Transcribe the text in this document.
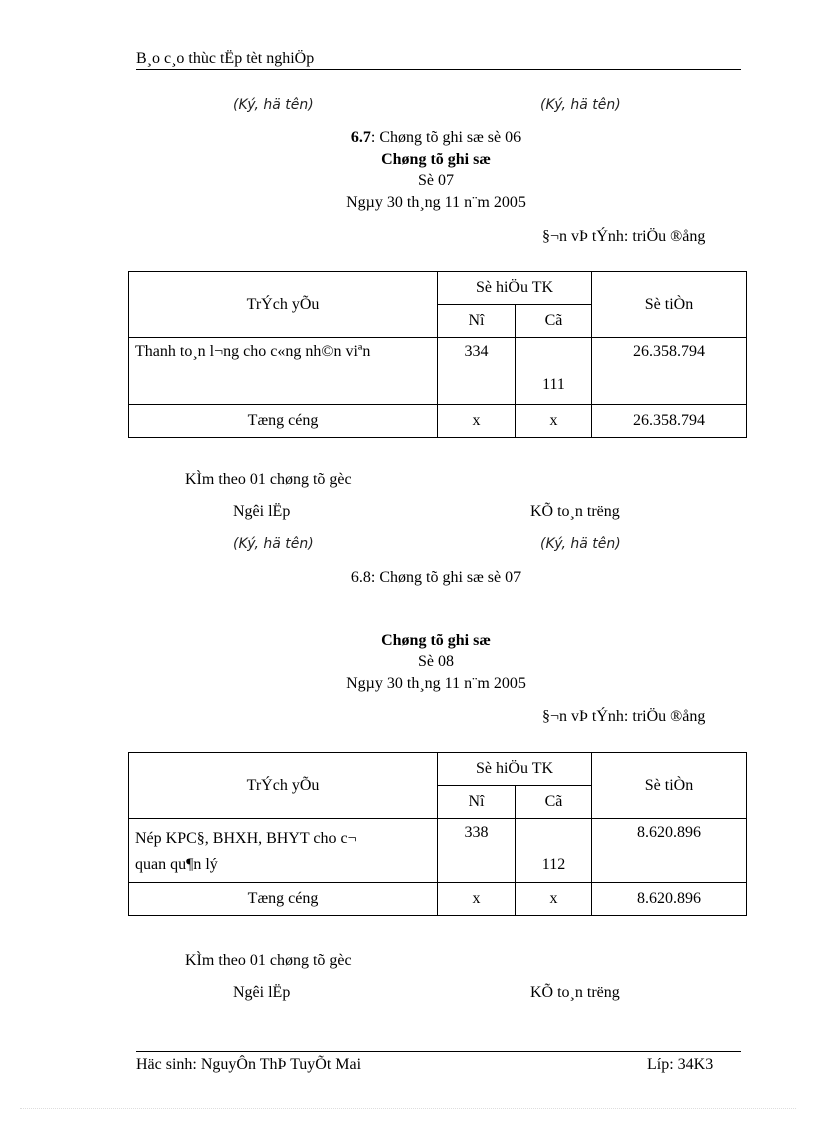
B¸o c¸o thùc tËp tèt nghiÖp
(Ký, hä tên)	(Ký, hä tên)
6.7: Chøng tõ ghi sæ sè 06
Chøng tõ ghi sæ
Sè 07
Ngµy 30 th¸ng 11 n¨m 2005
§¬n vÞ tÝnh: triÖu ®ång
TrÝch yÕu	Sè hiÖu TK		Sè tiÒn
	Nî	Cã	
Thanh to¸n l¬ng cho c«ng nh©n viªn	334	111	26.358.794
Tæng céng	x	x	26.358.794
KÌm theo 01 chøng tõ gèc
Ngêi lËp	KÕ to¸n trëng
(Ký, hä tên)	(Ký, hä tên)
6.8: Chøng tõ ghi sæ sè 07
Chøng tõ ghi sæ
Sè 08
Ngµy 30 th¸ng 11 n¨m 2005
§¬n vÞ tÝnh: triÖu ®ång
TrÝch yÕu	Sè hiÖu TK		Sè tiÒn
	Nî	Cã	

Nép KPC§, BHXH, BHYT cho c¬
quan qu¶n lý	338	112	8.620.896
Tæng céng	x	x	8.620.896
KÌm theo 01 chøng tõ gèc
Ngêi lËp	KÕ to¸n trëng
Häc sinh: NguyÔn ThÞ TuyÕt Mai	Líp: 34K3
